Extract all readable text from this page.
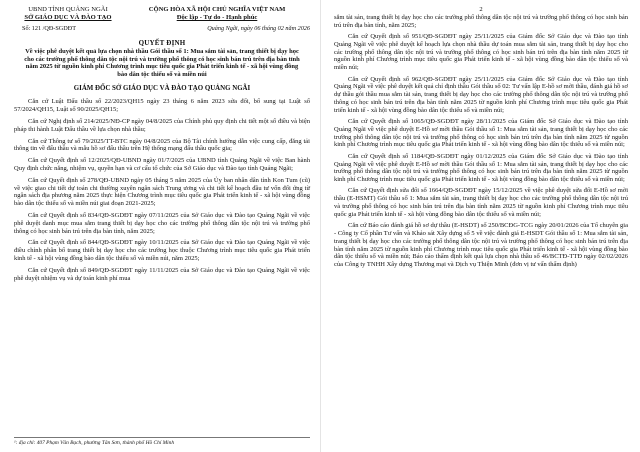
UBND TỈNH QUẢNG NGÃI
SỞ GIÁO DỤC VÀ ĐÀO TẠO
CỘNG HÒA XÃ HỘI CHỦ NGHĨA VIỆT NAM
Độc lập - Tự do - Hạnh phúc
Số: 121 /QĐ-SGDĐT	Quảng Ngãi, ngày 06 tháng 02 năm 2026
QUYẾT ĐỊNH
Về việc phê duyệt kết quả lựa chọn nhà thầu Gói thầu số 1: Mua sắm tài sản, trang thiết bị dạy học cho các trường phổ thông dân tộc nội trú và trường phổ thông có học sinh bán trú trên địa bàn tỉnh năm 2025 từ nguồn kinh phí Chương trình mục tiêu quốc gia Phát triển kinh tế - xã hội vùng đồng bào dân tộc thiểu số và miền núi
GIÁM ĐỐC SỞ GIÁO DỤC VÀ ĐÀO TẠO QUẢNG NGÃI

Căn cứ Luật Đấu thầu số 22/2023/QH15 ngày 23 tháng 6 năm 2023 sửa đổi, bổ sung tại Luật số 57/2024/QH15, Luật số 90/2025/QH15;

Căn cứ Nghị định số 214/2025/NĐ-CP ngày 04/8/2025 của Chính phủ quy định chi tiết một số điều và biện pháp thi hành Luật Đấu thầu về lựa chọn nhà thầu;

Căn cứ Thông tư số 79/2025/TT-BTC ngày 04/8/2025 của Bộ Tài chính hướng dẫn việc cung cấp, đăng tải thông tin về đấu thầu và mẫu hồ sơ đấu thầu trên Hệ thống mạng đấu thầu quốc gia;

Căn cứ Quyết định số 12/2025/QĐ-UBND ngày 01/7/2025 của UBND tỉnh Quảng Ngãi về việc Ban hành Quy định chức năng, nhiệm vụ, quyền hạn và cơ cấu tổ chức của Sở Giáo dục và Đào tạo tỉnh Quảng Ngãi;

Căn cứ Quyết định số 278/QĐ-UBND ngày 05 tháng 5 năm 2025 của Ủy ban nhân dân tỉnh Kon Tum (cũ) về việc giao chi tiết dự toán chi thường xuyên ngân sách Trung ương và chi tiết kế hoạch đầu tư vốn đối ứng từ ngân sách địa phương năm 2025 thực hiện Chương trình mục tiêu quốc gia Phát triển kinh tế - xã hội vùng đồng bào dân tộc thiểu số và miền núi giai đoạn 2021-2025;

Căn cứ Quyết định số 834/QĐ-SGDĐT ngày 07/11/2025 của Sở Giáo dục và Đào tạo Quảng Ngãi về việc phê duyệt danh mục mua sắm trang thiết bị dạy học cho các trường phổ thông dân tộc nội trú và trường phổ thông có học sinh bán trú trên địa bàn tỉnh, năm 2025;

Căn cứ Quyết định số 844/QĐ-SGDĐT ngày 10/11/2025 của Sở Giáo dục và Đào tạo Quảng Ngãi về việc điều chỉnh phân bổ trang thiết bị dạy học cho các trường học thuộc Chương trình mục tiêu quốc gia Phát triển kinh tế - xã hội vùng đồng bào dân tộc thiểu số và miền núi, năm 2025;

Căn cứ Quyết định số 849/QĐ-SGDĐT ngày 11/11/2025 của Sở Giáo dục và Đào tạo Quảng Ngãi về việc phê duyệt nhiệm vụ và dự toán kinh phí mua

¹: địa chỉ: 407 Phạm Văn Bạch, phường Tân Sơn, thành phố Hồ Chí Minh
2

sắm tài sản, trang thiết bị dạy học cho các trường phổ thông dân tộc nội trú và trường phổ thông có học sinh bán trú trên địa bàn tỉnh, năm 2025;

Căn cứ Quyết định số 951/QĐ-SGDĐT ngày 25/11/2025 của Giám đốc Sở Giáo dục và Đào tạo tỉnh Quảng Ngãi về việc phê duyệt kế hoạch lựa chọn nhà thầu dự toán mua sắm tài sản, trang thiết bị dạy học cho các trường phổ thông dân tộc nội trú và trường phổ thông có học sinh bán trú trên địa bàn tỉnh năm 2025 từ nguồn kinh phí Chương trình mục tiêu quốc gia Phát triển kinh tế - xã hội vùng đồng bào dân tộc thiểu số và miền núi;

Căn cứ Quyết định số 962/QĐ-SGDĐT ngày 25/11/2025 của Giám đốc Sở Giáo dục và Đào tạo tỉnh Quảng Ngãi về việc phê duyệt kết quả chỉ định thầu Gói thầu số 02: Tư vấn lập E-hồ sơ mời thầu, đánh giá hồ sơ dự thầu gói thầu mua sắm tài sản, trang thiết bị dạy học cho các trường phổ thông dân tộc nội trú và trường phổ thông có học sinh bán trú trên địa bàn tỉnh năm 2025 từ nguồn kinh phí Chương trình mục tiêu quốc gia Phát triển kinh tế - xã hội vùng đồng bào dân tộc thiểu số và miền núi;

Căn cứ Quyết định số 1065/QĐ-SGDĐT ngày 28/11/2025 của Giám đốc Sở Giáo dục và Đào tạo tỉnh Quảng Ngãi về việc phê duyệt E-Hồ sơ mời thầu Gói thầu số 1: Mua sắm tài sản, trang thiết bị dạy học cho các trường phổ thông dân tộc nội trú và trường phổ thông có học sinh bán trú trên địa bàn tỉnh năm 2025 từ nguồn kinh phí Chương trình mục tiêu quốc gia Phát triển kinh tế - xã hội vùng đồng bào dân tộc thiểu số và miền núi;

Căn cứ Quyết định số 1184/QĐ-SGDĐT ngày 01/12/2025 của Giám đốc Sở Giáo dục và Đào tạo tỉnh Quảng Ngãi về việc phê duyệt E-Hồ sơ mời thầu Gói thầu số 1: Mua sắm tài sản, trang thiết bị dạy học cho các trường phổ thông dân tộc nội trú và trường phổ thông có học sinh bán trú trên địa bàn tỉnh năm 2025 từ nguồn kinh phí Chương trình mục tiêu quốc gia Phát triển kinh tế - xã hội vùng đồng bào dân tộc thiểu số và miền núi;

Căn cứ Quyết định sửa đổi số 1664/QĐ-SGDĐT ngày 15/12/2025 về việc phê duyệt sửa đổi E-Hồ sơ mời thầu (E-HSMT) Gói thầu số 1: Mua sắm tài sản, trang thiết bị dạy học cho các trường phổ thông dân tộc nội trú và trường phổ thông có học sinh bán trú trên địa bàn tỉnh năm 2025 từ nguồn kinh phí Chương trình mục tiêu quốc gia Phát triển kinh tế - xã hội vùng đồng bào dân tộc thiểu số và miền núi;

Căn cứ Báo cáo đánh giá hồ sơ dự thầu (E-HSDT) số 250/BCĐG-TCG ngày 20/01/2026 của Tổ chuyên gia - Công ty Cổ phần Tư vấn và Khảo sát Xây dựng số 5 về việc đánh giá E-HSDT Gói thầu số 1: Mua sắm tài sản, trang thiết bị dạy học cho các trường phổ thông dân tộc nội trú và trường phổ thông có học sinh bán trú trên địa bàn tỉnh năm 2025 từ nguồn kinh phí Chương trình mục tiêu quốc gia Phát triển kinh tế - xã hội vùng đồng bào dân tộc thiểu số và miền núi; Báo cáo thẩm định kết quả lựa chọn nhà thầu số 46/BCTĐ-TTĐ ngày 02/02/2026 của Công ty TNHH Xây dựng Thương mại và Dịch vụ Thiện Minh (đơn vị tư vấn thẩm định)
